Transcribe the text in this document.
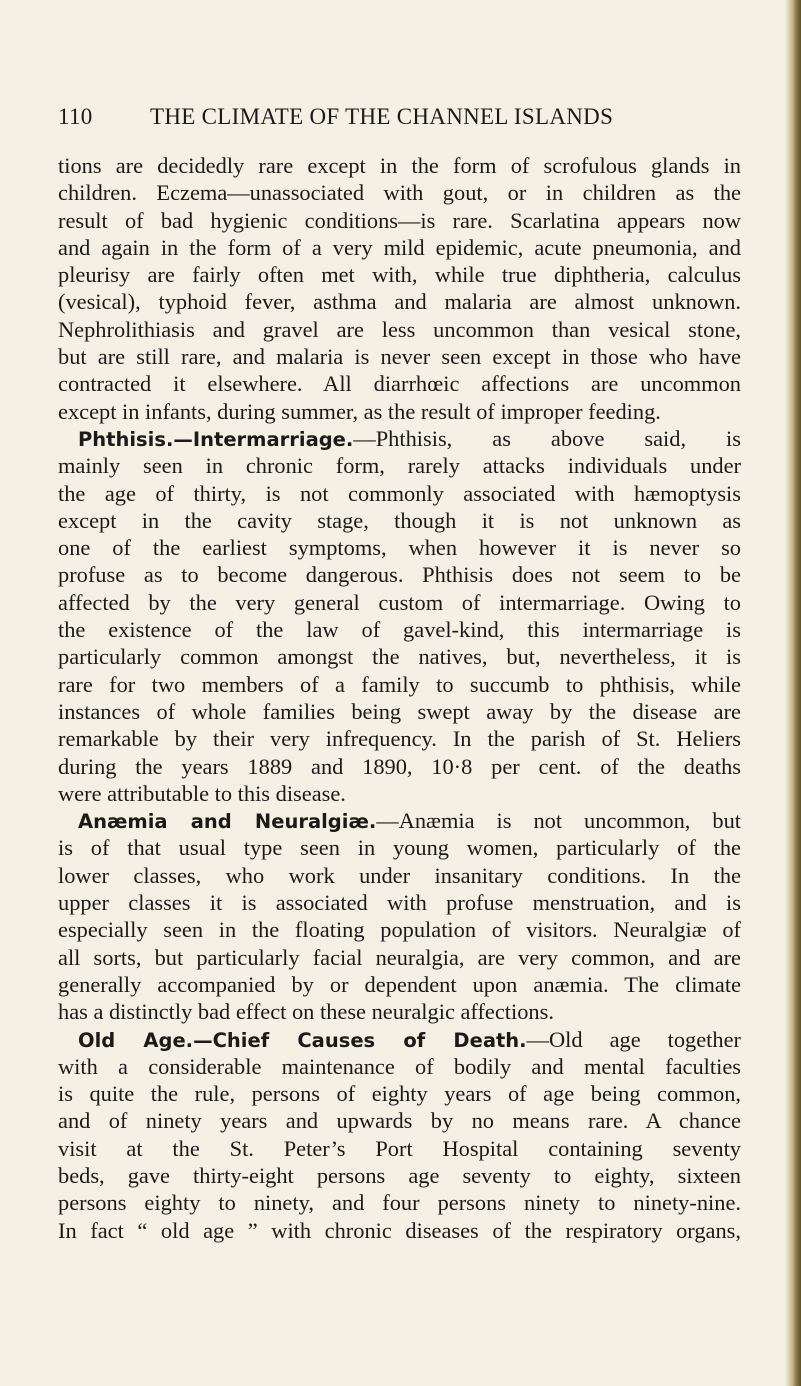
110 THE CLIMATE OF THE CHANNEL ISLANDS
tions are decidedly rare except in the form of scrofulous glands in
children. Eczema—unassociated with gout, or in children as the
result of bad hygienic conditions—is rare. Scarlatina appears now
and again in the form of a very mild epidemic, acute pneumonia, and
pleurisy are fairly often met with, while true diphtheria, calculus
(vesical), typhoid fever, asthma and malaria are almost unknown.
Nephrolithiasis and gravel are less uncommon than vesical stone,
but are still rare, and malaria is never seen except in those who have
contracted it elsewhere. All diarrhœic affections are uncommon
except in infants, during summer, as the result of improper feeding.
Phthisis.—Intermarriage.—Phthisis, as above said, is
mainly seen in chronic form, rarely attacks individuals under
the age of thirty, is not commonly associated with hæmoptysis
except in the cavity stage, though it is not unknown as
one of the earliest symptoms, when however it is never so
profuse as to become dangerous. Phthisis does not seem to be
affected by the very general custom of intermarriage. Owing to
the existence of the law of gavel-kind, this intermarriage is
particularly common amongst the natives, but, nevertheless, it is
rare for two members of a family to succumb to phthisis, while
instances of whole families being swept away by the disease are
remarkable by their very infrequency. In the parish of St. Heliers
during the years 1889 and 1890, 10·8 per cent. of the deaths
were attributable to this disease.
Anæmia and Neuralgiæ.—Anæmia is not uncommon, but
is of that usual type seen in young women, particularly of the
lower classes, who work under insanitary conditions. In the
upper classes it is associated with profuse menstruation, and is
especially seen in the floating population of visitors. Neuralgiæ of
all sorts, but particularly facial neuralgia, are very common, and are
generally accompanied by or dependent upon anæmia. The climate
has a distinctly bad effect on these neuralgic affections.
Old Age.—Chief Causes of Death.—Old age together
with a considerable maintenance of bodily and mental faculties
is quite the rule, persons of eighty years of age being common,
and of ninety years and upwards by no means rare. A chance
visit at the St. Peter’s Port Hospital containing seventy
beds, gave thirty-eight persons age seventy to eighty, sixteen
persons eighty to ninety, and four persons ninety to ninety-nine.
In fact “ old age ” with chronic diseases of the respiratory organs,
